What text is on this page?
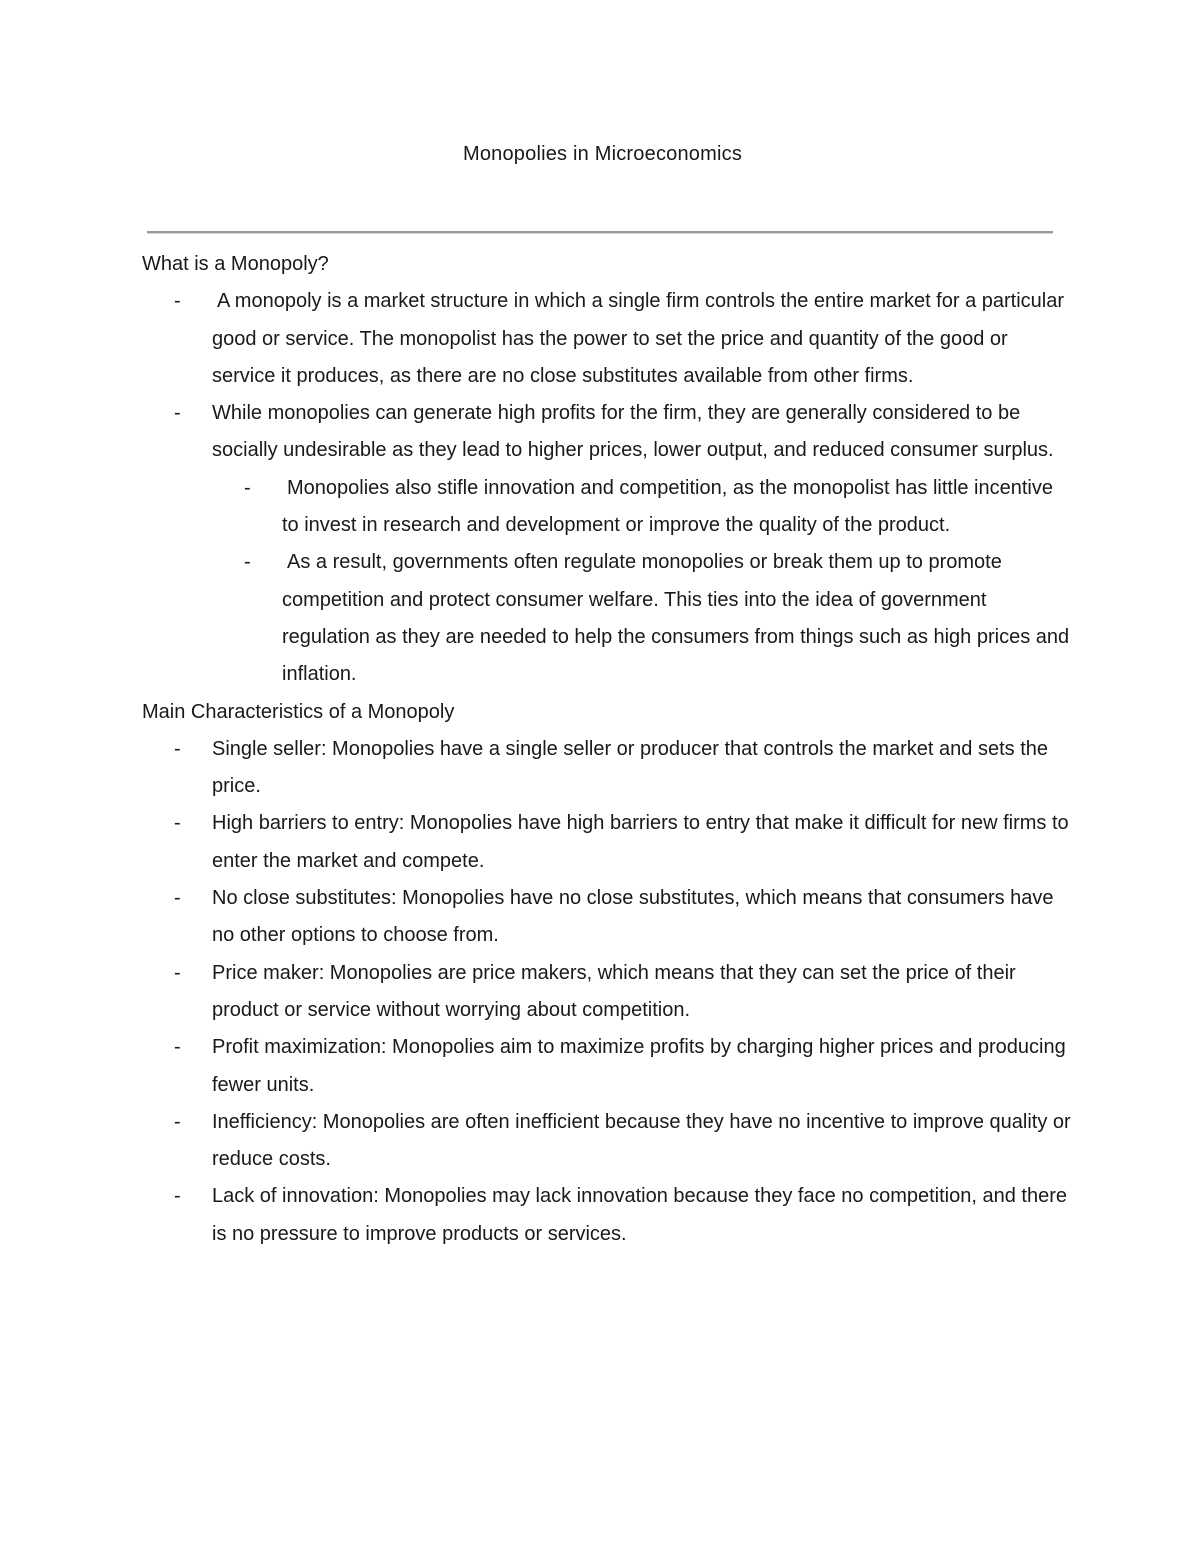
Monopolies in Microeconomics

What is a Monopoly?

- A monopoly is a market structure in which a single firm controls the entire market for a particular good or service. The monopolist has the power to set the price and quantity of the good or service it produces, as there are no close substitutes available from other firms.
- While monopolies can generate high profits for the firm, they are generally considered to be socially undesirable as they lead to higher prices, lower output, and reduced consumer surplus.
- Monopolies also stifle innovation and competition, as the monopolist has little incentive to invest in research and development or improve the quality of the product.
- As a result, governments often regulate monopolies or break them up to promote competition and protect consumer welfare. This ties into the idea of government regulation as they are needed to help the consumers from things such as high prices and inflation.

Main Characteristics of a Monopoly

- Single seller: Monopolies have a single seller or producer that controls the market and sets the price.
- High barriers to entry: Monopolies have high barriers to entry that make it difficult for new firms to enter the market and compete.
- No close substitutes: Monopolies have no close substitutes, which means that consumers have no other options to choose from.
- Price maker: Monopolies are price makers, which means that they can set the price of their product or service without worrying about competition.
- Profit maximization: Monopolies aim to maximize profits by charging higher prices and producing fewer units.
- Inefficiency: Monopolies are often inefficient because they have no incentive to improve quality or reduce costs.
- Lack of innovation: Monopolies may lack innovation because they face no competition, and there is no pressure to improve products or services.
